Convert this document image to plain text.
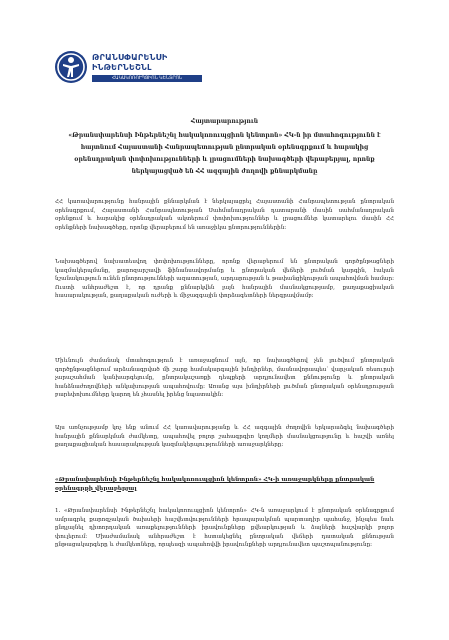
ԹՐԱՆՍՓԱՐԵՆՍԻ
ԻՆԹԵՐՆԵՇՆԼ
ՀԱԿԱԿՈՌՈՒՊՑԻՈՆ ԿԵՆՏՐՈՆ
Հայտարարություն
«Թրանսփարենսի Ինթերնեշնլ հակակոռուպցիոն կենտրոն» ՀԿ-ն իր մտահոգությունն է հայտնում Հայաստանի Հանրապետության ընտրական օրենսգրքում և հարակից օրենսդրական փոփոխությունների և լրացումների նախագծերի վերաբերյալ, որոնք ներկայացված են ՀՀ ազգային ժողովի քննարկմանը
ՀՀ կառավարությունը հանրային քննարկման է ներկայացրել Հայաստանի Հանրապետության ընտրական օրենսգրքում, Հայաստանի Հանրապետության Սահմանադրական դատարանի մասին սահմանադրական օրենքում և հարակից օրենսդրական ակտերում փոփոխություններ և լրացումներ կատարելու մասին ՀՀ օրենքների նախագծերը, որոնք վերաբերում են առաջիկա ընտրություններին։
Նախագծերով նախատեսվող փոփոխությունները, որոնք վերաբերում են ընտրական գործընթացների կազմակերպմանը, քարոզարշավի ֆինանսավորմանը և ընտրական վեճերի լուծման կարգին, էական նշանակություն ունեն ընտրությունների ազատության, արդարության և թափանցիկության ապահովման համար։ Ուստի անհրաժեշտ է, որ դրանք քննարկվեն լայն հանրային մասնակցությամբ, քաղաքացիական հասարակության, քաղաքական ուժերի և միջազգային փորձագետների ներգրավմամբ։
Միևնույն ժամանակ մտահոգություն է առաջացնում այն, որ նախագծերով չեն լուծվում ընտրական գործընթացներում արձանագրված մի շարք համակարգային խնդիրներ, մասնավորապես՝ վարչական ռեսուրսի չարաշահման կանխարգելումը, ընտրակաշառքի դեպքերի արդյունավետ քննությունը և ընտրական հանձնաժողովների անկախության ապահովումը։ Առանց այս խնդիրների լուծման ընտրական օրենսդրության բարեփոխումները կարող են չհասնել իրենց նպատակին։
Այս առնչությամբ կոչ ենք անում ՀՀ կառավարությանը և ՀՀ ազգային ժողովին երկարաձգել նախագծերի հանրային քննարկման ժամկետը, ապահովել բոլոր շահագրգիռ կողմերի մասնակցությունը և հաշվի առնել քաղաքացիական հասարակության կազմակերպությունների առաջարկները։
«Թրանսփարենսի Ինթերնեշնլ հակակոռուպցիոն կենտրոն» ՀԿ-ի առաջարկները ընտրական օրենսգրքի վերաբերյալ
1. «Թրանսփարենսի Ինթերնեշնլ հակակոռուպցիոն կենտրոն» ՀԿ-ն առաջարկում է ընտրական օրենսգրքում ամրագրել քարոզչական ծախսերի հաշվետվությունների հրապարակման պարտադիր պահանջ, ինչպես նաև ընդլայնել դիտորդական առաքելությունների իրավունքները քվեարկության և ձայների հաշվարկի բոլոր փուլերում։ Միաժամանակ անհրաժեշտ է հստակեցնել ընտրական վեճերի դատական քննության ընթացակարգերը և ժամկետները, որպեսզի ապահովվի իրավունքների արդյունավետ պաշտպանությունը։
